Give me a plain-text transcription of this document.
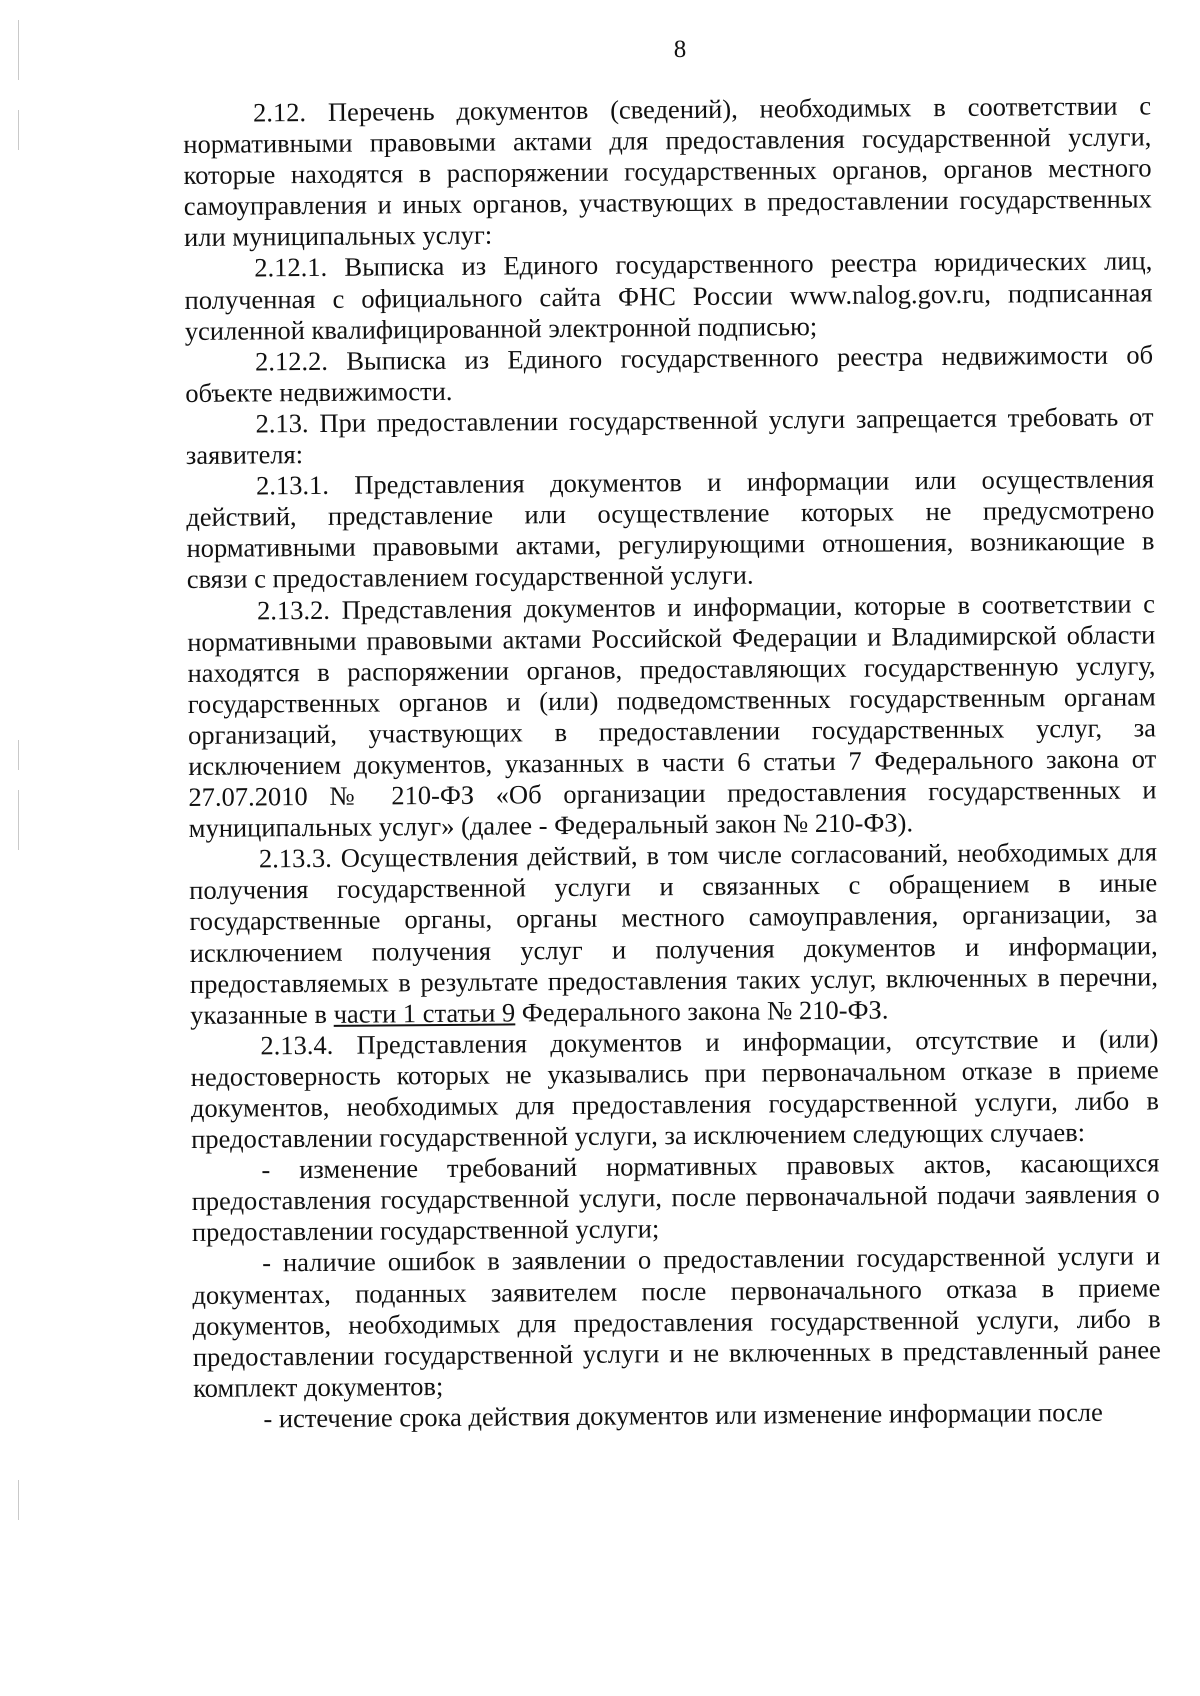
8

2.12. Перечень документов (сведений), необходимых в соответствии с нормативными правовыми актами для предоставления государственной услуги, которые находятся в распоряжении государственных органов, органов местного самоуправления и иных органов, участвующих в предоставлении государственных или муниципальных услуг:

2.12.1. Выписка из Единого государственного реестра юридических лиц, полученная с официального сайта ФНС России www.nalog.gov.ru, подписанная усиленной квалифицированной электронной подписью;

2.12.2. Выписка из Единого государственного реестра недвижимости об объекте недвижимости.

2.13. При предоставлении государственной услуги запрещается требовать от заявителя:

2.13.1. Представления документов и информации или осуществления действий, представление или осуществление которых не предусмотрено нормативными правовыми актами, регулирующими отношения, возникающие в связи с предоставлением государственной услуги.

2.13.2. Представления документов и информации, которые в соответствии с нормативными правовыми актами Российской Федерации и Владимирской области находятся в распоряжении органов, предоставляющих государственную услугу, государственных органов и (или) подведомственных государственным органам организаций, участвующих в предоставлении государственных услуг, за исключением документов, указанных в части 6 статьи 7 Федерального закона от 27.07.2010 № 210-ФЗ «Об организации предоставления государственных и муниципальных услуг» (далее - Федеральный закон № 210-ФЗ).

2.13.3. Осуществления действий, в том числе согласований, необходимых для получения государственной услуги и связанных с обращением в иные государственные органы, органы местного самоуправления, организации, за исключением получения услуг и получения документов и информации, предоставляемых в результате предоставления таких услуг, включенных в перечни, указанные в части 1 статьи 9 Федерального закона № 210-ФЗ.

2.13.4. Представления документов и информации, отсутствие и (или) недостоверность которых не указывались при первоначальном отказе в приеме документов, необходимых для предоставления государственной услуги, либо в предоставлении государственной услуги, за исключением следующих случаев:

- изменение требований нормативных правовых актов, касающихся предоставления государственной услуги, после первоначальной подачи заявления о предоставлении государственной услуги;

- наличие ошибок в заявлении о предоставлении государственной услуги и документах, поданных заявителем после первоначального отказа в приеме документов, необходимых для предоставления государственной услуги, либо в предоставлении государственной услуги и не включенных в представленный ранее комплект документов;

- истечение срока действия документов или изменение информации после
